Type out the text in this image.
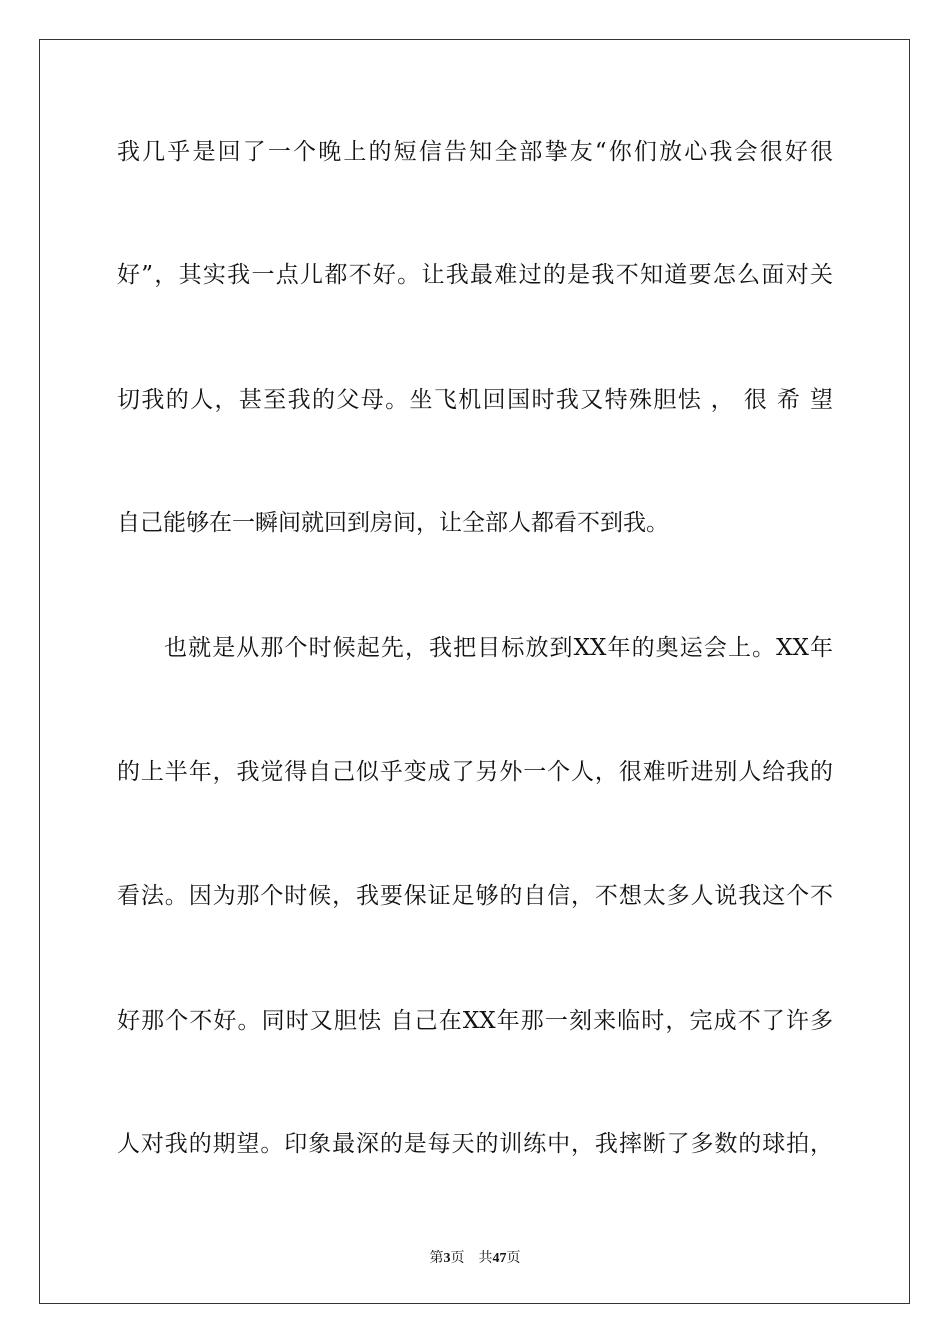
我几乎是回了一个晚上的短信告知全部挚友“你们放心我会很好很
好”，其实我一点儿都不好。让我最难过的是我不知道要怎么面对关
切我的人，甚至我的父母。坐飞机回国时我又特殊胆怯 ， 很 希 望
自己能够在一瞬间就回到房间，让全部人都看不到我。
也就是从那个时候起先，我把目标放到XX年的奥运会上。XX年
的上半年，我觉得自己似乎变成了另外一个人，很难听进别人给我的
看法。因为那个时候，我要保证足够的自信，不想太多人说我这个不
好那个不好。同时又胆怯 自己在XX年那一刻来临时，完成不了许多
人对我的期望。印象最深的是每天的训练中，我摔断了多数的球拍，
第3页 共47页
